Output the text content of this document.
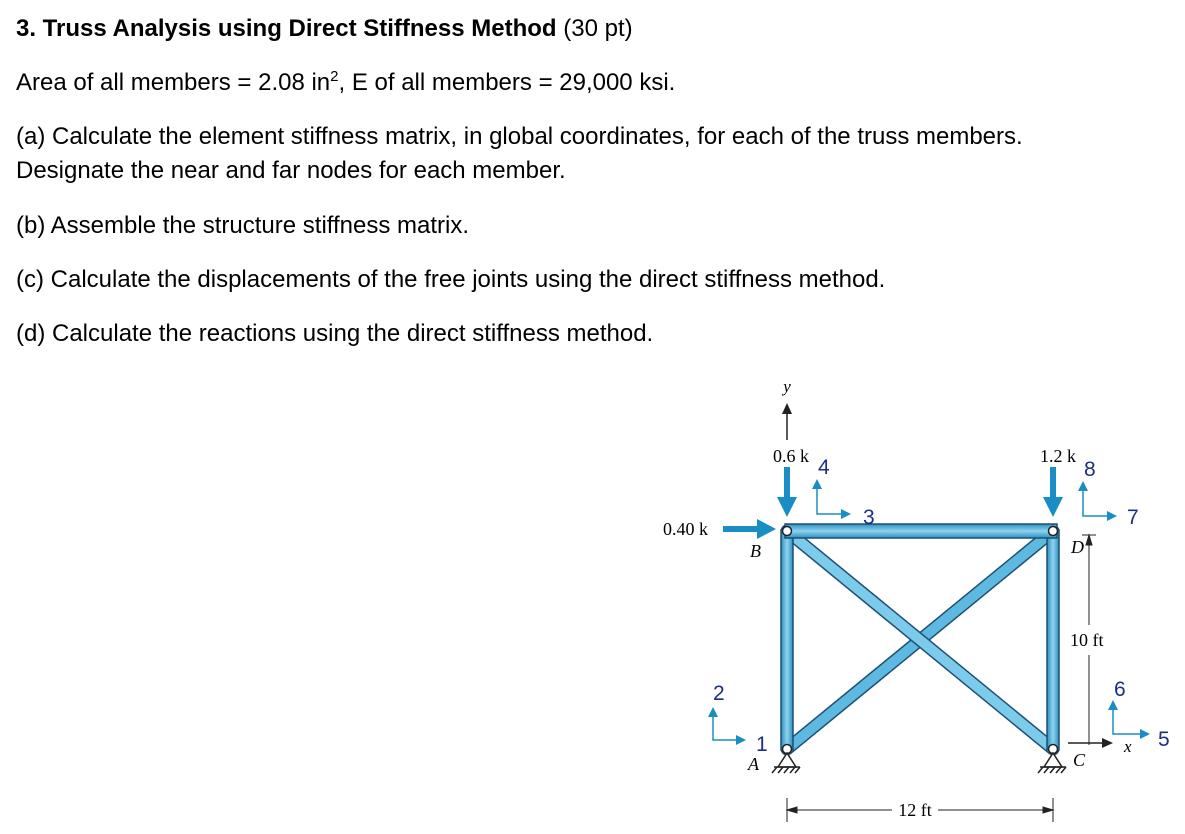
3. Truss Analysis using Direct Stiffness Method (30 pt)
Area of all members = 2.08 $in^2$, E of all members = 29,000 ksi.
(a) Calculate the element stiffness matrix, in global coordinates, for each of the truss members.
Designate the near and far nodes for each member.
(b) Assemble the structure stiffness matrix.
(c) Calculate the displacements of the free joints using the direct stiffness method.
(d) Calculate the reactions using the direct stiffness method.
y
x
0.6 k	1.2 k
0.40 k
B	D
A	C
10 ft
12 ft
4
3
8
7
2
1
6
5
